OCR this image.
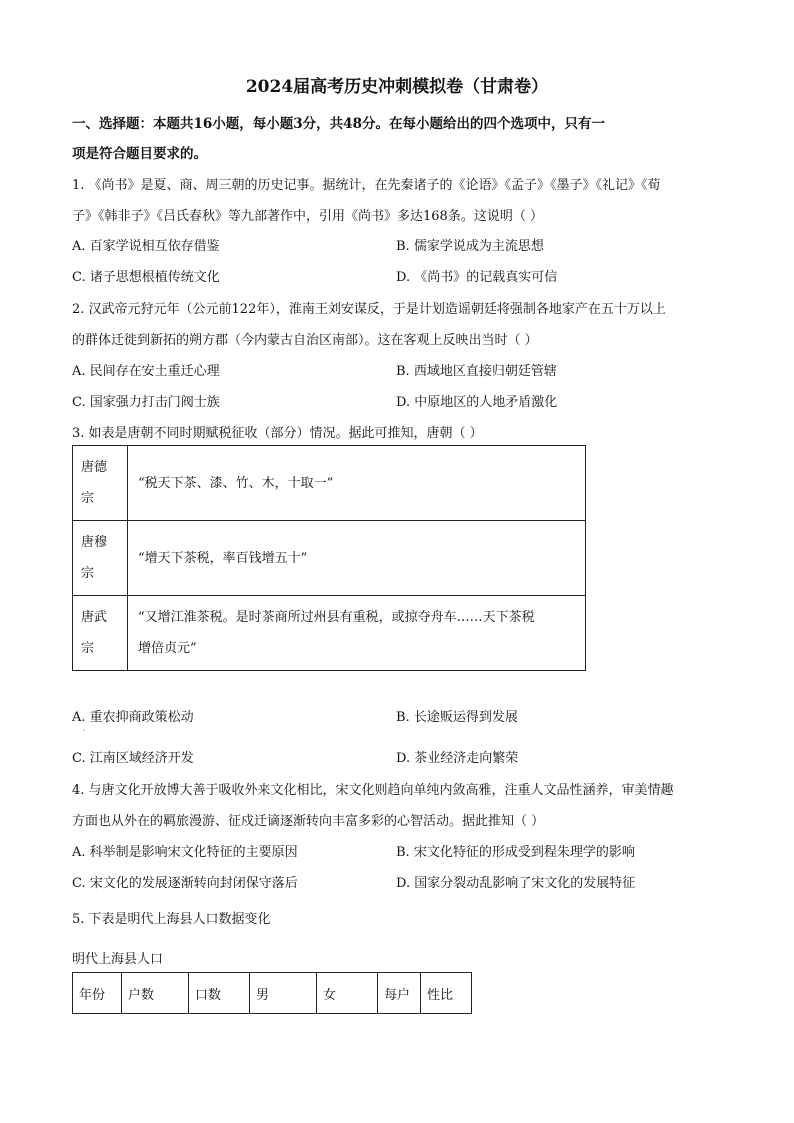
2024届高考历史冲刺模拟卷（甘肃卷）
一、选择题：本题共16小题，每小题3分，共48分。在每小题给出的四个选项中，只有一
项是符合题目要求的。
1. 《尚书》是夏、商、周三朝的历史记事。据统计，在先秦诸子的《论语》《孟子》《墨子》《礼记》《荀
子》《韩非子》《吕氏春秋》等九部著作中，引用《尚书》多达168条。这说明（ ）
A. 百家学说相互依存借鉴	B. 儒家学说成为主流思想
C. 诸子思想根植传统文化	D. 《尚书》的记载真实可信
2. 汉武帝元狩元年（公元前122年），淮南王刘安谋反，于是计划造谣朝廷将强制各地家产在五十万以上
的群体迁徙到新拓的朔方郡（今内蒙古自治区南部）。这在客观上反映出当时（ ）
A. 民间存在安土重迁心理	B. 西域地区直接归朝廷管辖
C. 国家强力打击门阀士族	D. 中原地区的人地矛盾激化
3. 如表是唐朝不同时期赋税征收（部分）情况。据此可推知，唐朝（ ）
唐德
宗	“税天下茶、漆、竹、木，十取一”
唐穆
宗	“增天下茶税，率百钱增五十”
唐武
宗	“又增江淮茶税。是时茶商所过州县有重税，或掠夺舟车……天下茶税
增倍贞元”
A. 重农抑商政策松动	B. 长途贩运得到发展
·
C. 江南区域经济开发	D. 茶业经济走向繁荣
4. 与唐文化开放博大善于吸收外来文化相比，宋文化则趋向单纯内敛高雅，注重人文品性涵养，审美情趣
方面也从外在的羁旅漫游、征戍迁谪逐渐转向丰富多彩的心智活动。据此推知（ ）
A. 科举制是影响宋文化特征的主要原因	B. 宋文化特征的形成受到程朱理学的影响
C. 宋文化的发展逐渐转向封闭保守落后	D. 国家分裂动乱影响了宋文化的发展特征
5. 下表是明代上海县人口数据变化
明代上海县人口
年份	户数	口数	男	女	每户	性比
